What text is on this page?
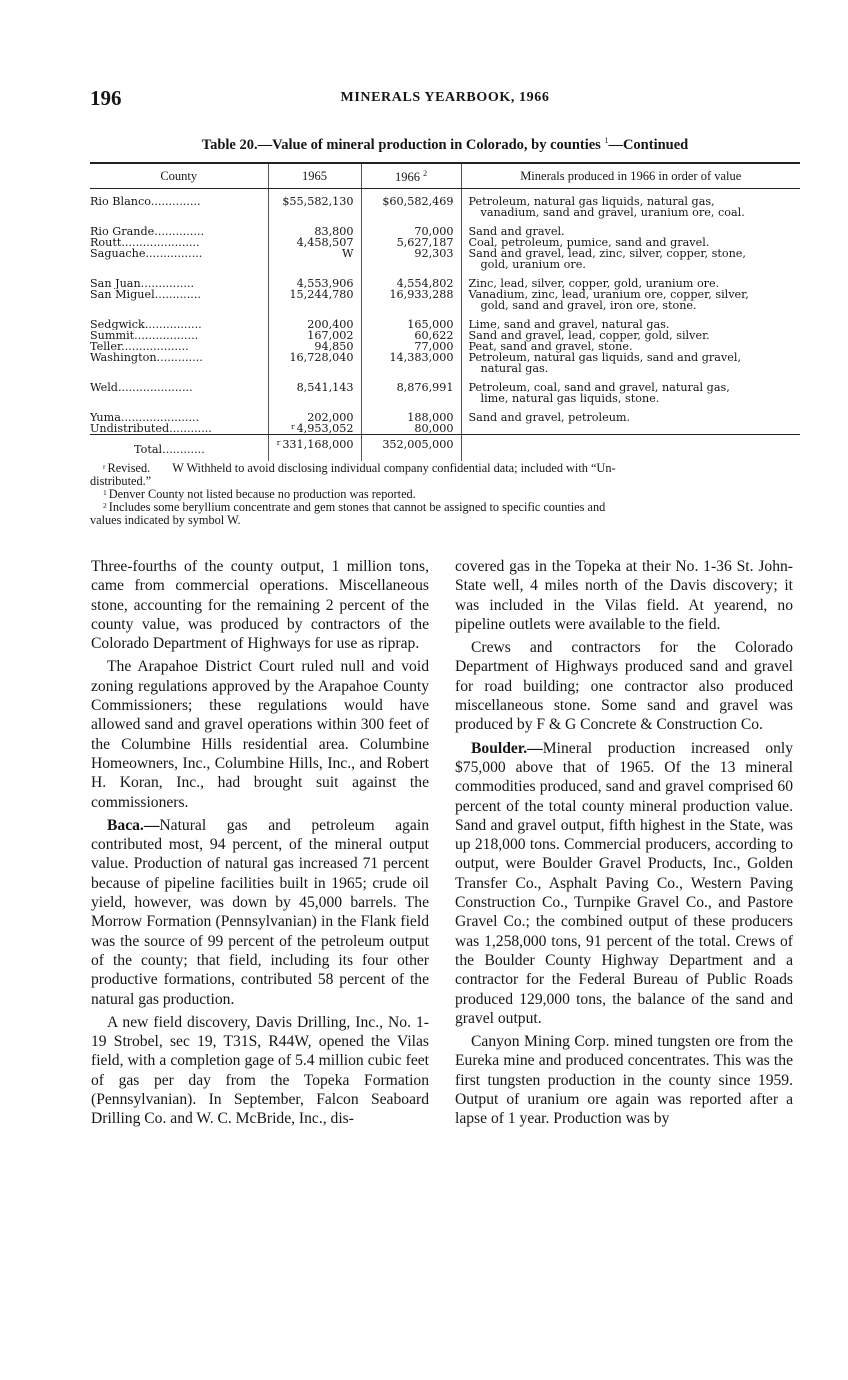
196	MINERALS YEARBOOK, 1966
Table 20.—Value of mineral production in Colorado, by counties $^1$—Continued
County	1965	1966 $^2$	Minerals produced in 1966 in order of value
Rio Blanco..............	$55,582,130	$60,582,469	Petroleum, natural gas liquids, natural gas,
vanadium, sand and gravel, uranium ore, coal.

Rio Grande..............	83,800	70,000	Sand and gravel.
Routt......................	4,458,507	5,627,187	Coal, petroleum, pumice, sand and gravel.
Saguache................	W	92,303	Sand and gravel, lead, zinc, silver, copper, stone,
gold, uranium ore.

San Juan...............	4,553,906	4,554,802	Zinc, lead, silver, copper, gold, uranium ore.
San Miguel.............	15,244,780	16,933,288	Vanadium, zinc, lead, uranium ore, copper, silver,
gold, sand and gravel, iron ore, stone.

Sedgwick................	200,400	165,000	Lime, sand and gravel, natural gas.
Summit..................	167,002	60,622	Sand and gravel, lead, copper, gold, silver.
Teller...................	94,850	77,000	Peat, sand and gravel, stone.
Washington.............	16,728,040	14,383,000	Petroleum, natural gas liquids, sand and gravel,
natural gas.

Weld.....................	8,541,143	8,876,991	Petroleum, coal, sand and gravel, natural gas,
lime, natural gas liquids, stone.

Yuma......................	202,000	188,000	Sand and gravel, petroleum.
Undistributed............	$^r$ 4,953,052	80,000	
Total............	$^r$ 331,168,000	352,005,000	

$^r$ Revised. W Withheld to avoid disclosing individual company confidential data; included with “Un-

distributed.”

$^1$ Denver County not listed because no production was reported.

$^2$ Includes some beryllium concentrate and gem stones that cannot be assigned to specific counties and

values indicated by symbol W.

Three-fourths of the county output, 1 million tons, came from commercial operations. Miscellaneous stone, accounting for the remaining 2 percent of the county value, was produced by contractors of the Colorado Department of Highways for use as riprap.

The Arapahoe District Court ruled null and void zoning regulations approved by the Arapahoe County Commissioners; these regulations would have allowed sand and gravel operations within 300 feet of the Columbine Hills residential area. Columbine Homeowners, Inc., Columbine Hills, Inc., and Robert H. Koran, Inc., had brought suit against the commissioners.

Baca.—Natural gas and petroleum again contributed most, 94 percent, of the mineral output value. Production of natural gas increased 71 percent because of pipeline facilities built in 1965; crude oil yield, however, was down by 45,000 barrels. The Morrow Formation (Pennsylvanian) in the Flank field was the source of 99 percent of the petroleum output of the county; that field, including its four other productive formations, contributed 58 percent of the natural gas production.

A new field discovery, Davis Drilling, Inc., No. 1-19 Strobel, sec 19, T31S, R44W, opened the Vilas field, with a completion gage of 5.4 million cubic feet of gas per day from the Topeka Formation (Pennsylvanian). In September, Falcon Seaboard Drilling Co. and W. C. McBride, Inc., dis-

covered gas in the Topeka at their No. 1-36 St. John-State well, 4 miles north of the Davis discovery; it was included in the Vilas field. At yearend, no pipeline outlets were available to the field.

Crews and contractors for the Colorado Department of Highways produced sand and gravel for road building; one contractor also produced miscellaneous stone. Some sand and gravel was produced by F & G Concrete & Construction Co.

Boulder.—Mineral production increased only $75,000 above that of 1965. Of the 13 mineral commodities produced, sand and gravel comprised 60 percent of the total county mineral production value. Sand and gravel output, fifth highest in the State, was up 218,000 tons. Commercial producers, according to output, were Boulder Gravel Products, Inc., Golden Transfer Co., Asphalt Paving Co., Western Paving Construction Co., Turnpike Gravel Co., and Pastore Gravel Co.; the combined output of these producers was 1,258,000 tons, 91 percent of the total. Crews of the Boulder County Highway Department and a contractor for the Federal Bureau of Public Roads produced 129,000 tons, the balance of the sand and gravel output.

Canyon Mining Corp. mined tungsten ore from the Eureka mine and produced concentrates. This was the first tungsten production in the county since 1959. Output of uranium ore again was reported after a lapse of 1 year. Production was by
